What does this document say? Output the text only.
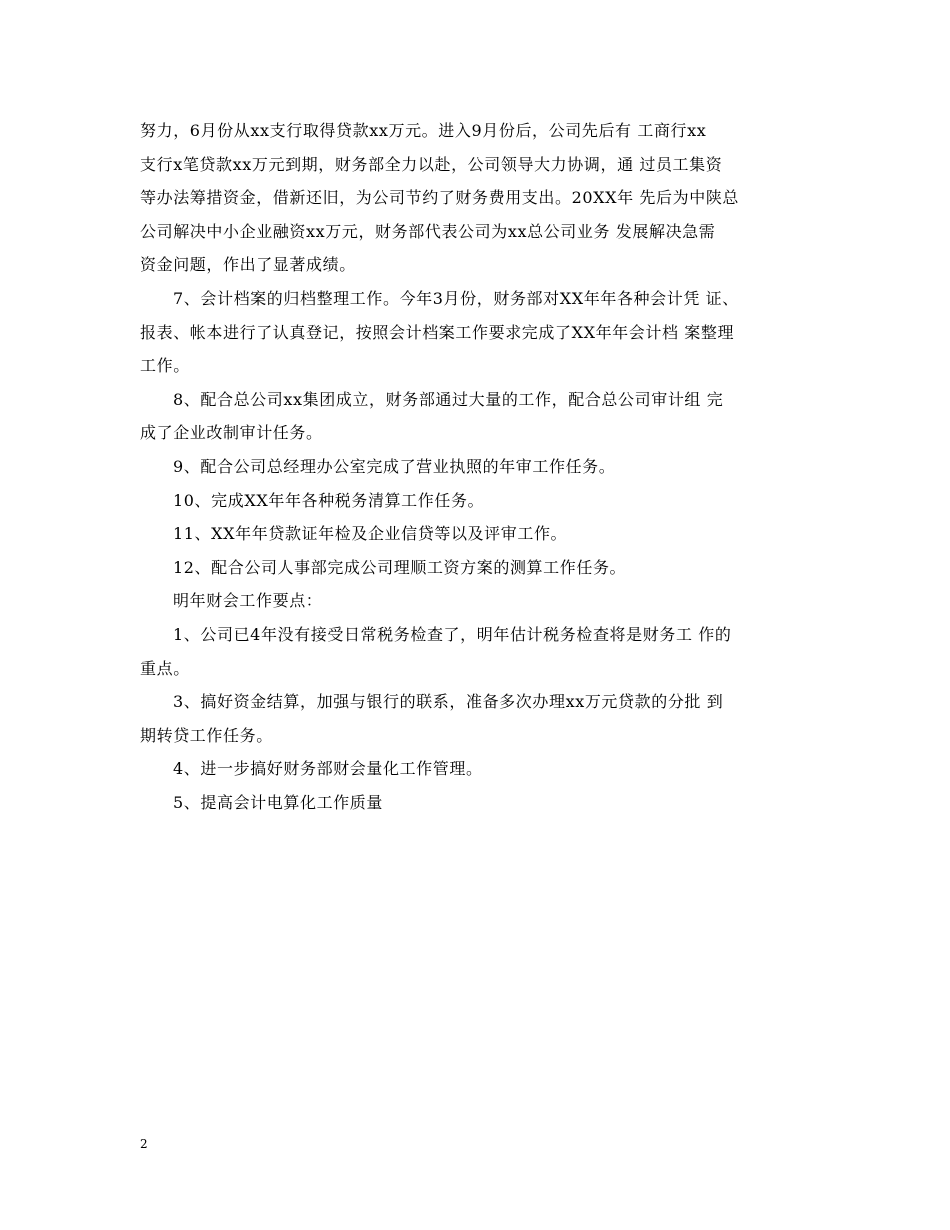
努力，6月份从xx支行取得贷款xx万元。进入9月份后，公司先后有 工商行xx
支行x笔贷款xx万元到期，财务部全力以赴，公司领导大力协调，通 过员工集资
等办法筹措资金，借新还旧，为公司节约了财务费用支出。20XX年 先后为中陕总
公司解决中小企业融资xx万元，财务部代表公司为xx总公司业务 发展解决急需
资金问题，作出了显著成绩。

7、会计档案的归档整理工作。今年3月份，财务部对XX年年各种会计凭 证、
报表、帐本进行了认真登记，按照会计档案工作要求完成了XX年年会计档 案整理
工作。

8、配合总公司xx集团成立，财务部通过大量的工作，配合总公司审计组 完
成了企业改制审计任务。

9、配合公司总经理办公室完成了营业执照的年审工作任务。

10、完成XX年年各种税务清算工作任务。

11、XX年年贷款证年检及企业信贷等以及评审工作。

12、配合公司人事部完成公司理顺工资方案的测算工作任务。

明年财会工作要点：

1、公司已4年没有接受日常税务检查了，明年估计税务检查将是财务工 作的
重点。

3、搞好资金结算，加强与银行的联系，准备多次办理xx万元贷款的分批 到
期转贷工作任务。

4、进一步搞好财务部财会量化工作管理。

5、提高会计电算化工作质量

2
